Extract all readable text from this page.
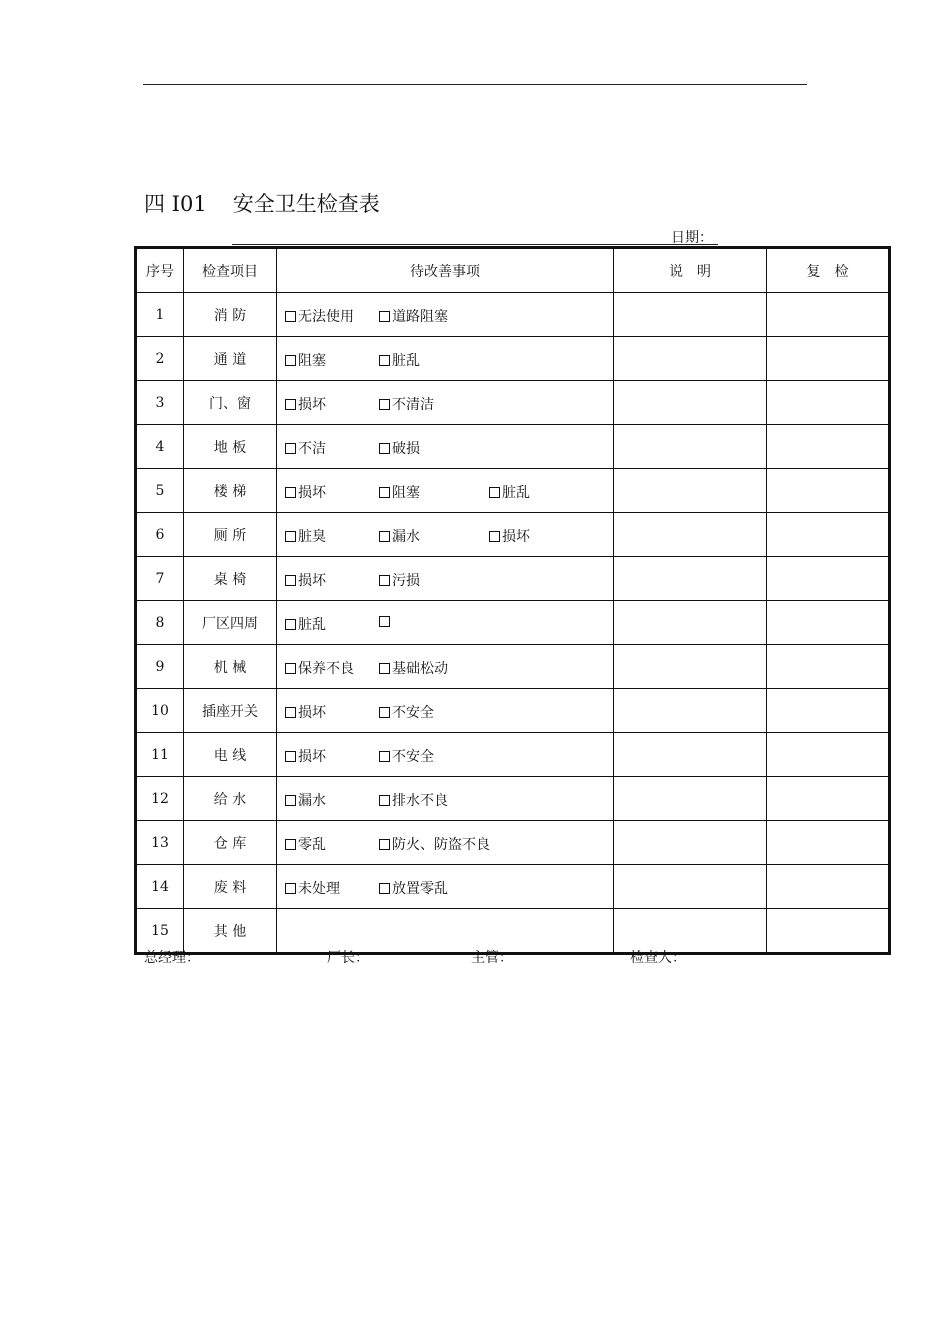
四 I01 安全卫生检查表
日期：
序号	检查项目	待改善事项	说　明	复　检
1	消 防	无法使用 道路阻塞		

2	通 道	阻塞 脏乱		

3	门、窗	损坏 不清洁		

4	地 板	不洁 破损		

5	楼 梯	损坏 阻塞 脏乱		

6	厕 所	脏臭 漏水 损坏		

7	桌 椅	损坏 污损		

8	厂区四周	脏乱		

9	机 械	保养不良 基础松动		

10	插座开关	损坏 不安全		

11	电 线	损坏 不安全		

12	给 水	漏水 排水不良		

13	仓 库	零乱 防火、防盗不良		

14	废 料	未处理 放置零乱		

15	其 他	

总经理：	厂长：	主管：	检查人：
